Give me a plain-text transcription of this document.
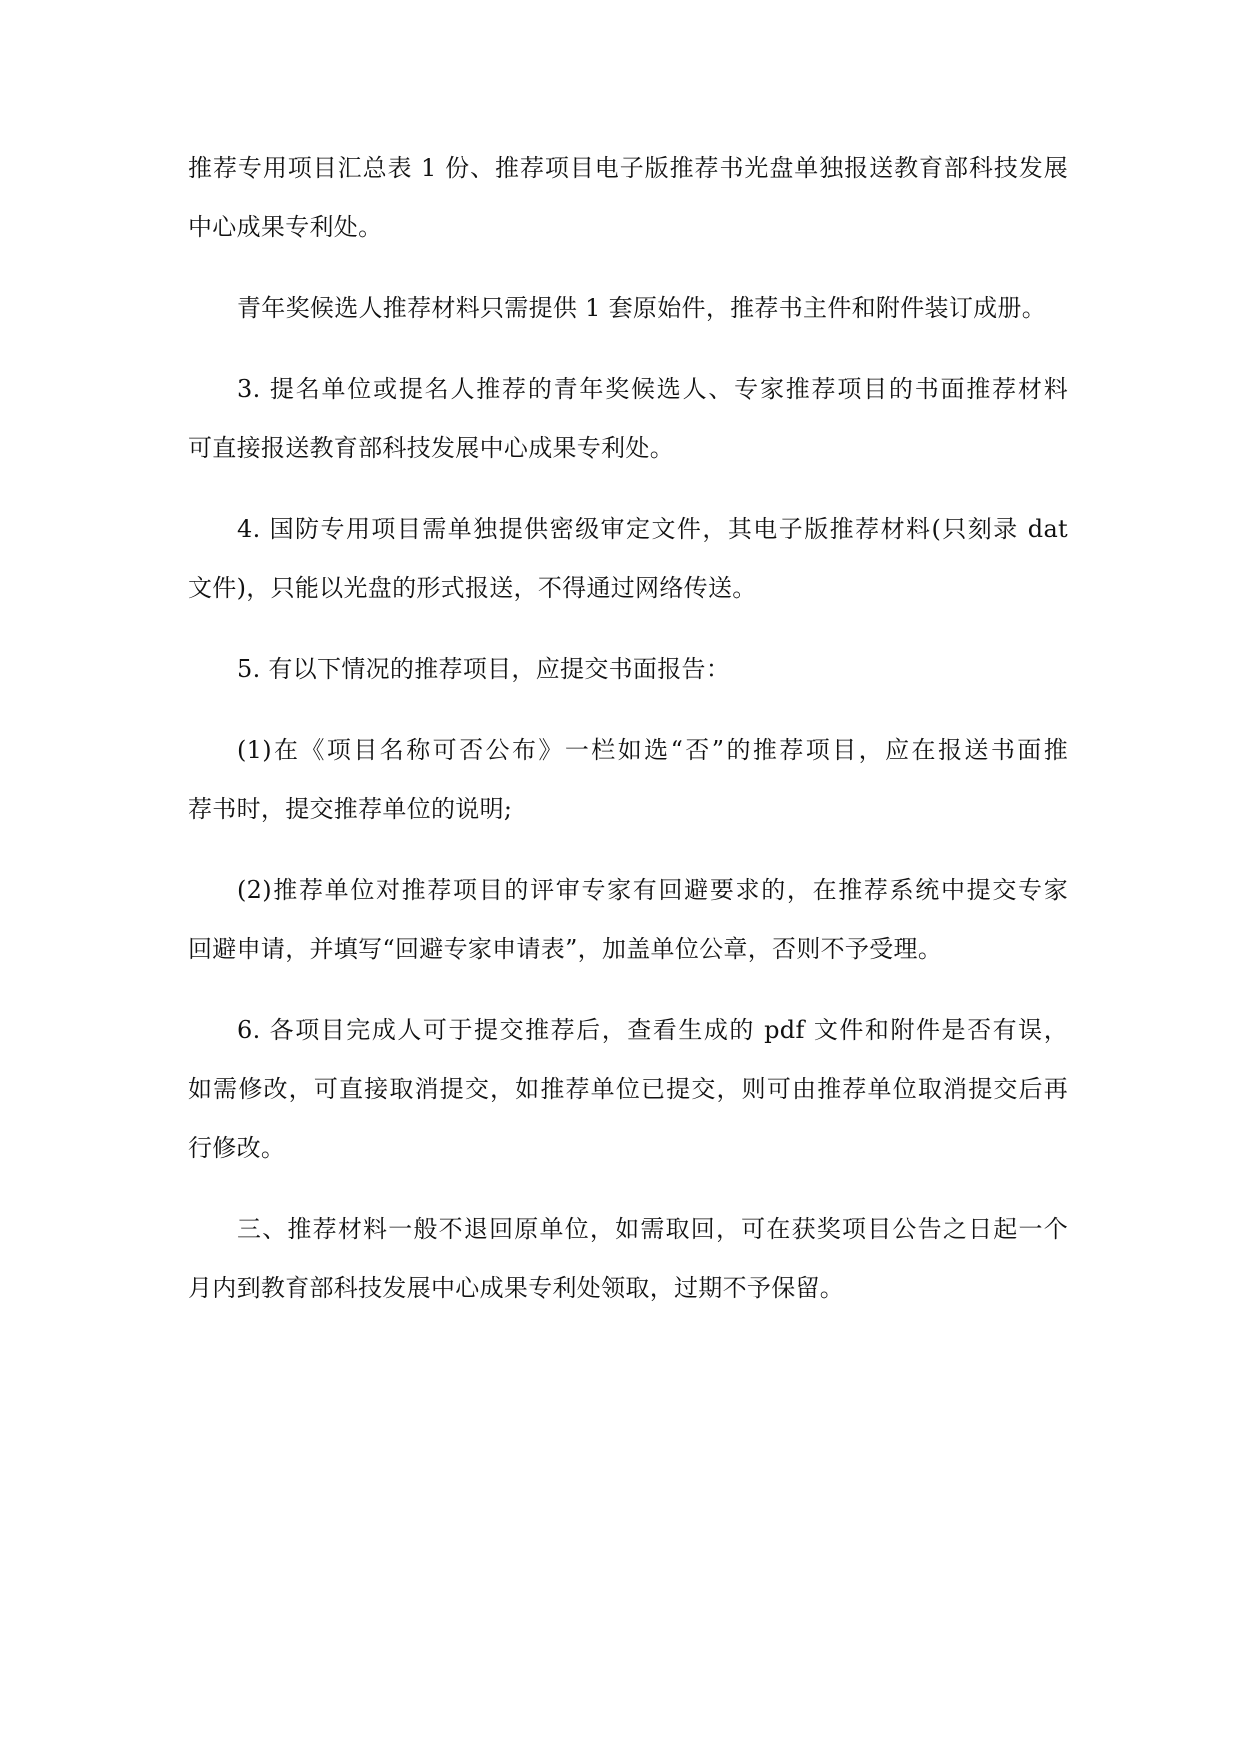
推荐专用项目汇总表 1 份、推荐项目电子版推荐书光盘单独报送教育部科技发展
中心成果专利处。
青年奖候选人推荐材料只需提供 1 套原始件，推荐书主件和附件装订成册。
3. 提名单位或提名人推荐的青年奖候选人、专家推荐项目的书面推荐材料
可直接报送教育部科技发展中心成果专利处。
4. 国防专用项目需单独提供密级审定文件，其电子版推荐材料(只刻录 dat
文件)，只能以光盘的形式报送，不得通过网络传送。
5. 有以下情况的推荐项目，应提交书面报告：
(1)在《项目名称可否公布》一栏如选“否”的推荐项目，应在报送书面推
荐书时，提交推荐单位的说明;
(2)推荐单位对推荐项目的评审专家有回避要求的，在推荐系统中提交专家
回避申请，并填写“回避专家申请表”，加盖单位公章，否则不予受理。
6. 各项目完成人可于提交推荐后，查看生成的 pdf 文件和附件是否有误，
如需修改，可直接取消提交，如推荐单位已提交，则可由推荐单位取消提交后再
行修改。
三、推荐材料一般不退回原单位，如需取回，可在获奖项目公告之日起一个
月内到教育部科技发展中心成果专利处领取，过期不予保留。
